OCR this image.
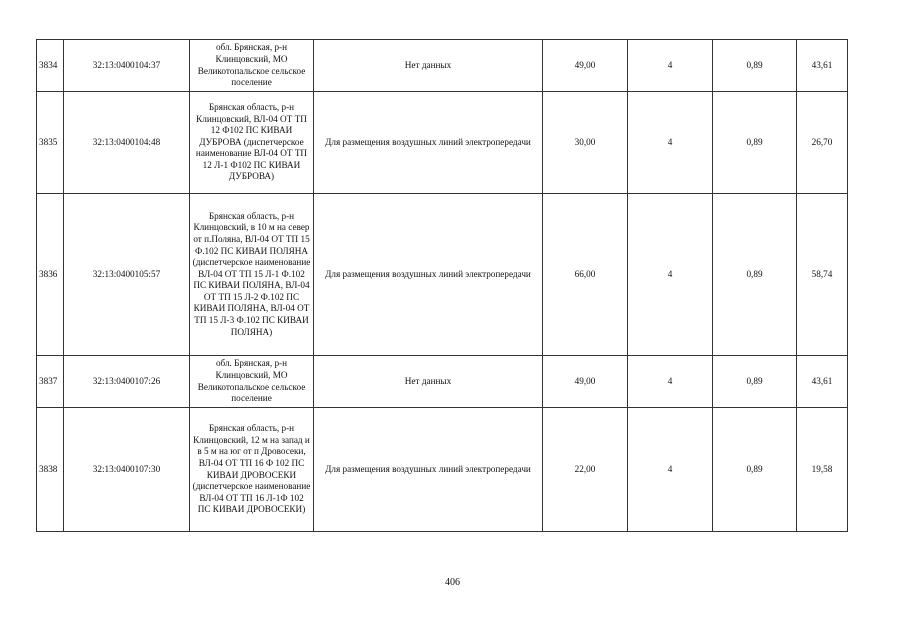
3834	32:13:0400104:37	обл. Брянская, р-н Клинцовский, МО Великотопальское сельское поселение	Нет данных	49,00	4	0,89	43,61
3835	32:13:0400104:48	Брянская область, р-н Клинцовский, ВЛ-04 ОТ ТП 12 Ф102 ПС КИВАИ ДУБРОВА (диспетчерское наименование ВЛ-04 ОТ ТП 12 Л-1 Ф102 ПС КИВАИ ДУБРОВА)	Для размещения воздушных линий электропередачи	30,00	4	0,89	26,70
3836	32:13:0400105:57	Брянская область, р-н Клинцовский, в 10 м на север от п.Поляна, ВЛ-04 ОТ ТП 15 Ф.102 ПС КИВАИ ПОЛЯНА (диспетчерское наименование ВЛ-04 ОТ ТП 15 Л-1 Ф.102 ПС КИВАИ ПОЛЯНА, ВЛ-04 ОТ ТП 15 Л-2 Ф.102 ПС КИВАИ ПОЛЯНА, ВЛ-04 ОТ ТП 15 Л-3 Ф.102 ПС КИВАИ ПОЛЯНА)	Для размещения воздушных линий электропередачи	66,00	4	0,89	58,74
3837	32:13:0400107:26	обл. Брянская, р-н Клинцовский, МО Великотопальское сельское поселение	Нет данных	49,00	4	0,89	43,61
3838	32:13:0400107:30	Брянская область, р-н Клинцовский, 12 м на запад и в 5 м на юг от п Дровосеки, ВЛ-04 ОТ ТП 16 Ф 102 ПС КИВАИ ДРОВОСЕКИ (диспетчерское наименование ВЛ-04 ОТ ТП 16 Л-1Ф 102 ПС КИВАИ ДРОВОСЕКИ)	Для размещения воздушных линий электропередачи	22,00	4	0,89	19,58
406
